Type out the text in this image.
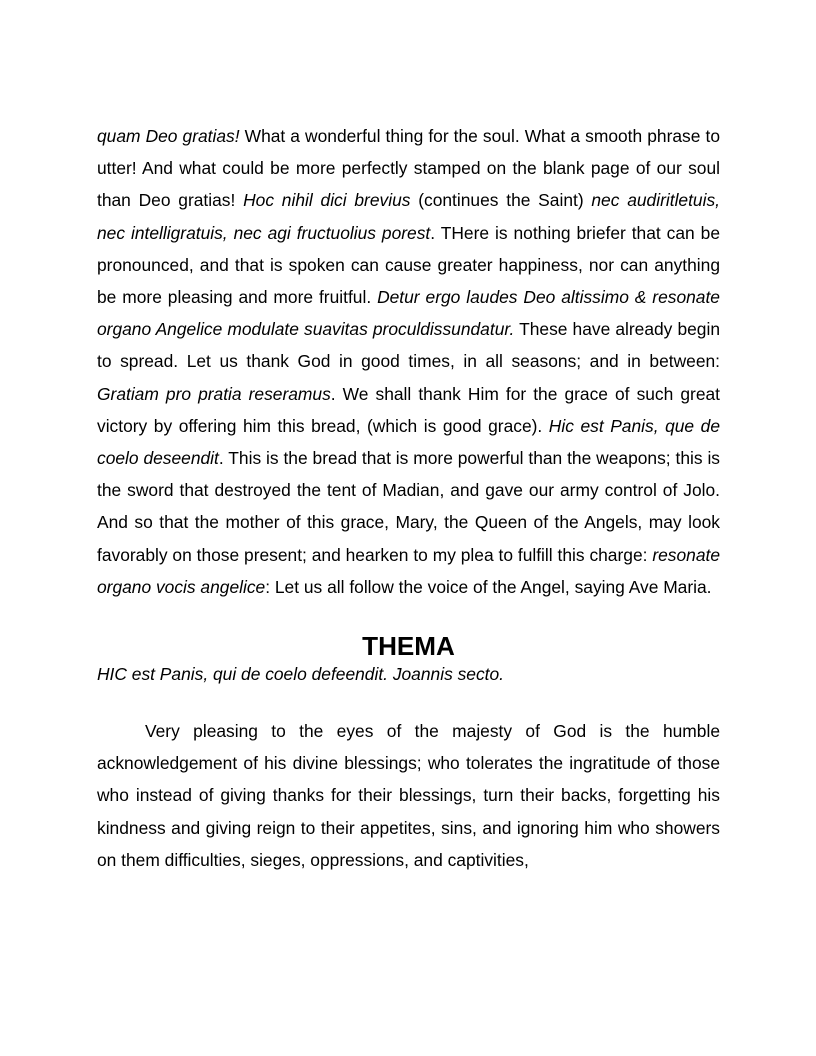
quam Deo gratias! What a wonderful thing for the soul. What a smooth phrase to utter! And what could be more perfectly stamped on the blank page of our soul than Deo gratias! Hoc nihil dici brevius (continues the Saint) nec audiritletuis, nec intelligratuis, nec agi fructuolius porest. THere is nothing briefer that can be pronounced, and that is spoken can cause greater happiness, nor can anything be more pleasing and more fruitful. Detur ergo laudes Deo altissimo & resonate organo Angelice modulate suavitas proculdissundatur. These have already begin to spread. Let us thank God in good times, in all seasons; and in between: Gratiam pro pratia reseramus. We shall thank Him for the grace of such great victory by offering him this bread, (which is good grace). Hic est Panis, que de coelo deseendit. This is the bread that is more powerful than the weapons; this is the sword that destroyed the tent of Madian, and gave our army control of Jolo. And so that the mother of this grace, Mary, the Queen of the Angels, may look favorably on those present; and hearken to my plea to fulfill this charge: resonate organo vocis angelice: Let us all follow the voice of the Angel, saying Ave Maria.

THEMA

HIC est Panis, qui de coelo defeendit. Joannis secto.

Very pleasing to the eyes of the majesty of God is the humble acknowledgement of his divine blessings; who tolerates the ingratitude of those who instead of giving thanks for their blessings, turn their backs, forgetting his kindness and giving reign to their appetites, sins, and ignoring him who showers on them difficulties, sieges, oppressions, and captivities,
